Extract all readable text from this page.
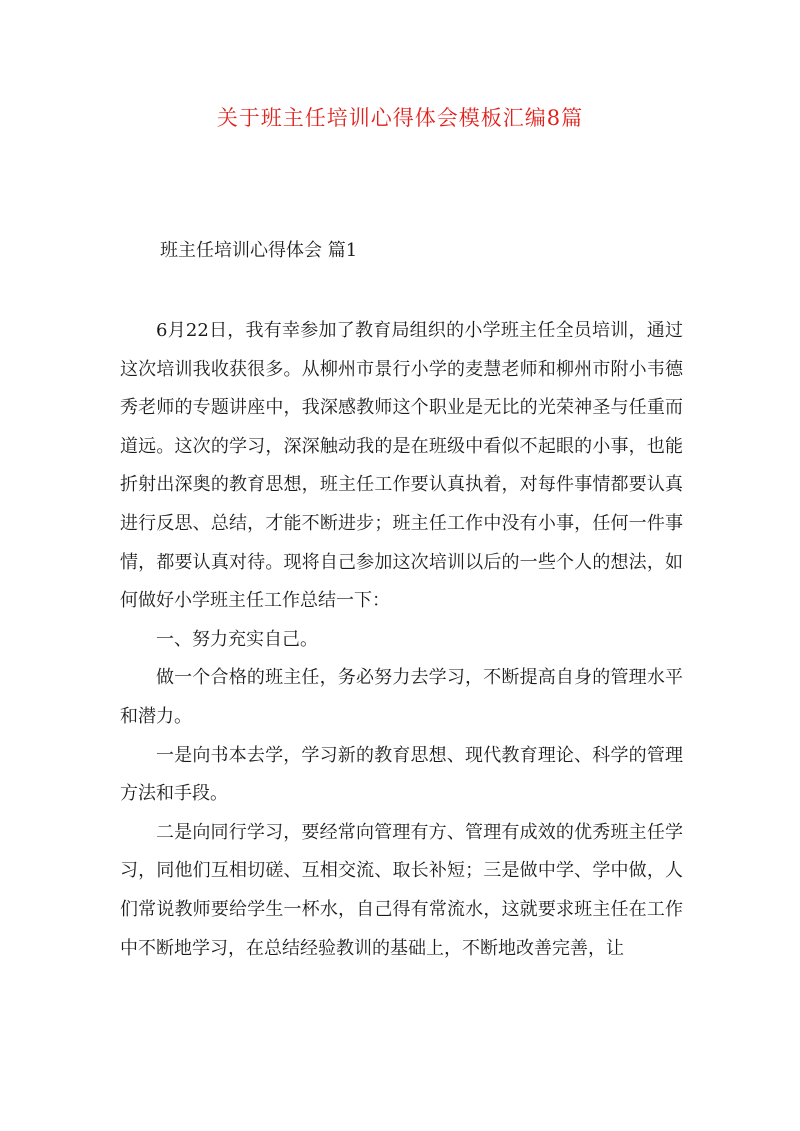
关于班主任培训心得体会模板汇编8篇
班主任培训心得体会 篇1

6月22日，我有幸参加了教育局组织的小学班主任全员培训，通过这次培训我收获很多。从柳州市景行小学的麦慧老师和柳州市附小韦德秀老师的专题讲座中，我深感教师这个职业是无比的光荣神圣与任重而道远。这次的学习，深深触动我的是在班级中看似不起眼的小事，也能折射出深奥的教育思想，班主任工作要认真执着，对每件事情都要认真进行反思、总结，才能不断进步；班主任工作中没有小事，任何一件事情，都要认真对待。现将自己参加这次培训以后的一些个人的想法，如何做好小学班主任工作总结一下：

一、努力充实自己。

做一个合格的班主任，务必努力去学习，不断提高自身的管理水平和潜力。

一是向书本去学，学习新的教育思想、现代教育理论、科学的管理方法和手段。

二是向同行学习，要经常向管理有方、管理有成效的优秀班主任学习，同他们互相切磋、互相交流、取长补短；三是做中学、学中做，人们常说教师要给学生一杯水，自己得有常流水，这就要求班主任在工作中不断地学习，在总结经验教训的基础上，不断地改善完善，让
